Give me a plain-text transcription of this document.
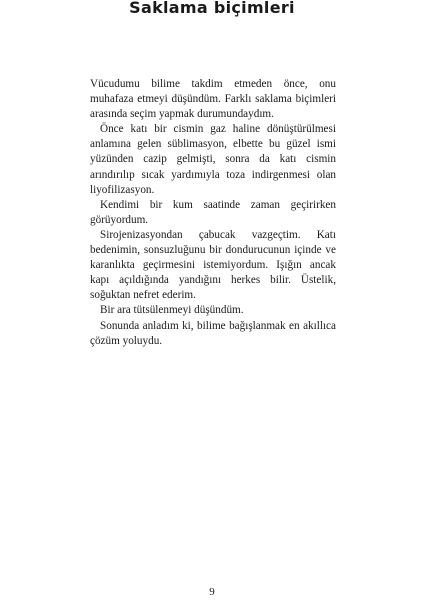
Saklama biçimleri

Vücudumu bilime takdim etmeden önce, onu muhafaza etmeyi düşündüm. Farklı saklama biçimleri arasında seçim yapmak durumundaydım.

Önce katı bir cismin gaz haline dönüştürülmesi anlamına gelen süblimasyon, elbette bu güzel ismi yüzünden cazip gelmişti, sonra da katı cismin arındırılıp sıcak yardımıyla toza indirgenmesi olan liyofilizasyon.

Kendimi bir kum saatinde zaman geçirirken görüyordum.

Sirojenizasyondan çabucak vazgeçtim. Katı bedenimin, sonsuzluğunu bir dondurucunun içinde ve karanlıkta geçirmesini istemiyordum. Işığın ancak kapı açıldığında yandığını herkes bilir. Üstelik, soğuktan nefret ederim.

Bir ara tütsülenmeyi düşündüm.

Sonunda anladım ki, bilime bağışlanmak en akıllıca çözüm yoluydu.

9
